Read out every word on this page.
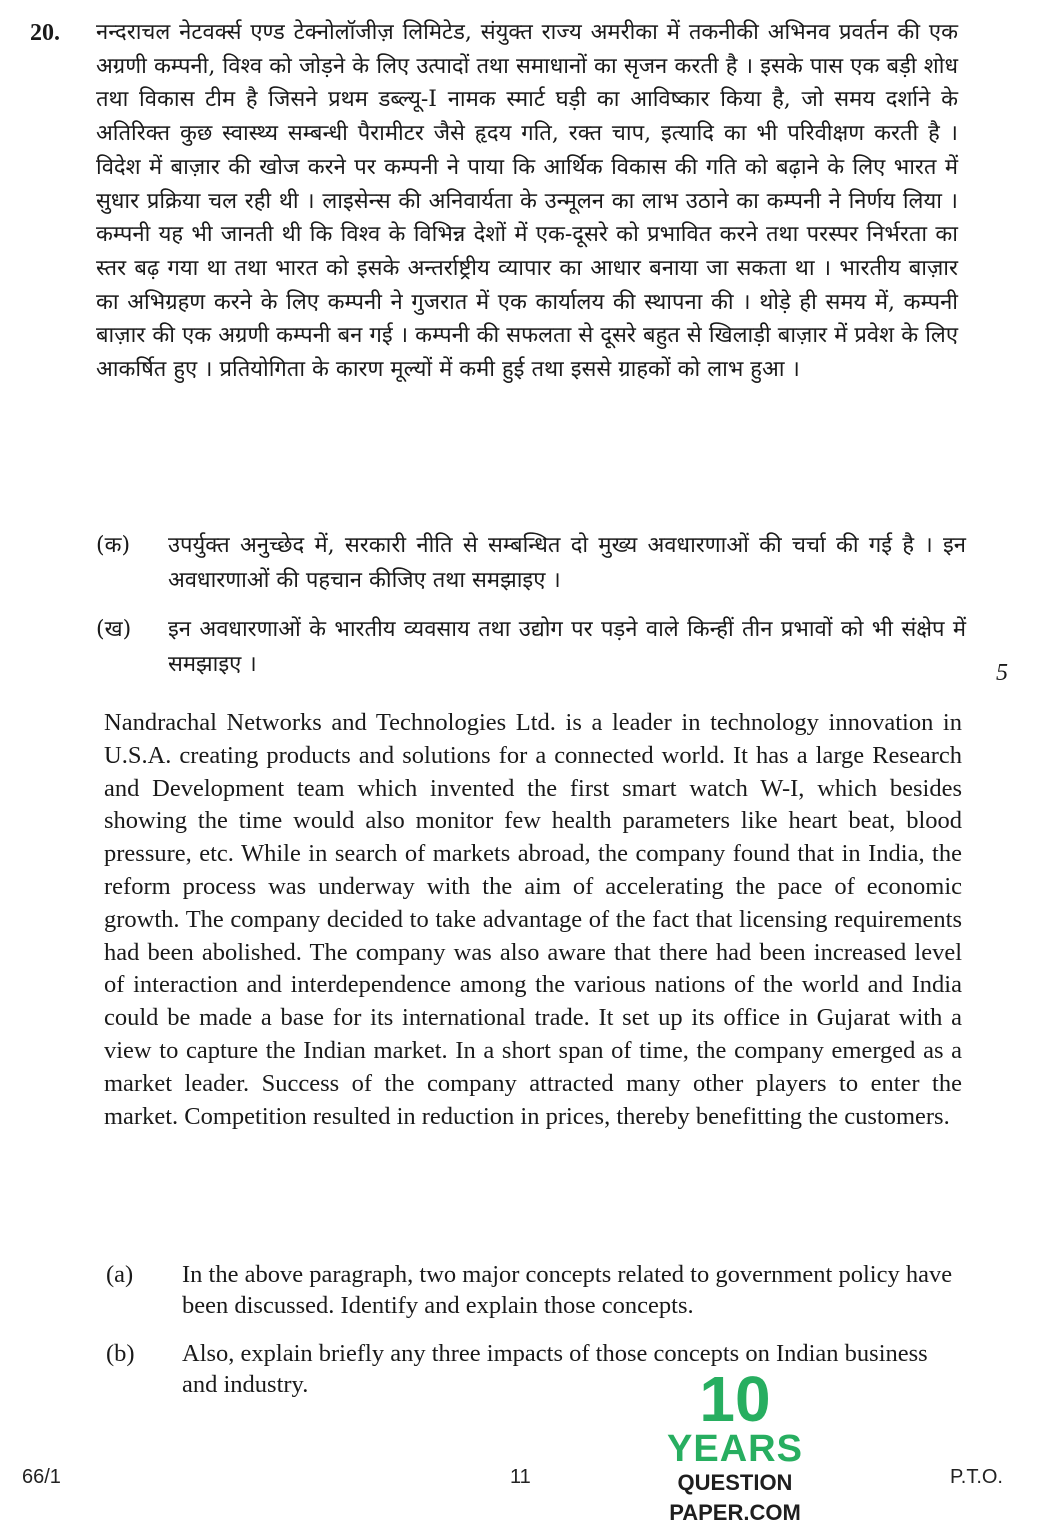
20. नन्दराचल नेटवर्क्स एण्ड टेक्नोलॉजीज़ लिमिटेड, संयुक्त राज्य अमरीका में तकनीकी अभिनव प्रवर्तन की एक अग्रणी कम्पनी, विश्व को जोड़ने के लिए उत्पादों तथा समाधानों का सृजन करती है । इसके पास एक बड़ी शोध तथा विकास टीम है जिसने प्रथम डब्ल्यू-I नामक स्मार्ट घड़ी का आविष्कार किया है, जो समय दर्शाने के अतिरिक्त कुछ स्वास्थ्य सम्बन्धी पैरामीटर जैसे हृदय गति, रक्त चाप, इत्यादि का भी परिवीक्षण करती है । विदेश में बाज़ार की खोज करने पर कम्पनी ने पाया कि आर्थिक विकास की गति को बढ़ाने के लिए भारत में सुधार प्रक्रिया चल रही थी । लाइसेन्स की अनिवार्यता के उन्मूलन का लाभ उठाने का कम्पनी ने निर्णय लिया । कम्पनी यह भी जानती थी कि विश्व के विभिन्न देशों में एक-दूसरे को प्रभावित करने तथा परस्पर निर्भरता का स्तर बढ़ गया था तथा भारत को इसके अन्तर्राष्ट्रीय व्यापार का आधार बनाया जा सकता था । भारतीय बाज़ार का अभिग्रहण करने के लिए कम्पनी ने गुजरात में एक कार्यालय की स्थापना की । थोड़े ही समय में, कम्पनी बाज़ार की एक अग्रणी कम्पनी बन गई । कम्पनी की सफलता से दूसरे बहुत से खिलाड़ी बाज़ार में प्रवेश के लिए आकर्षित हुए । प्रतियोगिता के कारण मूल्यों में कमी हुई तथा इससे ग्राहकों को लाभ हुआ ।

(क) उपर्युक्त अनुच्छेद में, सरकारी नीति से सम्बन्धित दो मुख्य अवधारणाओं की चर्चा की गई है । इन अवधारणाओं की पहचान कीजिए तथा समझाइए ।
(ख) इन अवधारणाओं के भारतीय व्यवसाय तथा उद्योग पर पड़ने वाले किन्हीं तीन प्रभावों को भी संक्षेप में समझाइए ।	5

Nandrachal Networks and Technologies Ltd. is a leader in technology innovation in U.S.A. creating products and solutions for a connected world. It has a large Research and Development team which invented the first smart watch W-I, which besides showing the time would also monitor few health parameters like heart beat, blood pressure, etc. While in search of markets abroad, the company found that in India, the reform process was underway with the aim of accelerating the pace of economic growth. The company decided to take advantage of the fact that licensing requirements had been abolished. The company was also aware that there had been increased level of interaction and interdependence among the various nations of the world and India could be made a base for its international trade. It set up its office in Gujarat with a view to capture the Indian market. In a short span of time, the company emerged as a market leader. Success of the company attracted many other players to enter the market. Competition resulted in reduction in prices, thereby benefitting the customers.

(a) In the above paragraph, two major concepts related to government policy have been discussed. Identify and explain those concepts.
(b) Also, explain briefly any three impacts of those concepts on Indian business and industry.
66/1	11	P.T.O.
10
YEARS
QUESTION PAPER.COM
